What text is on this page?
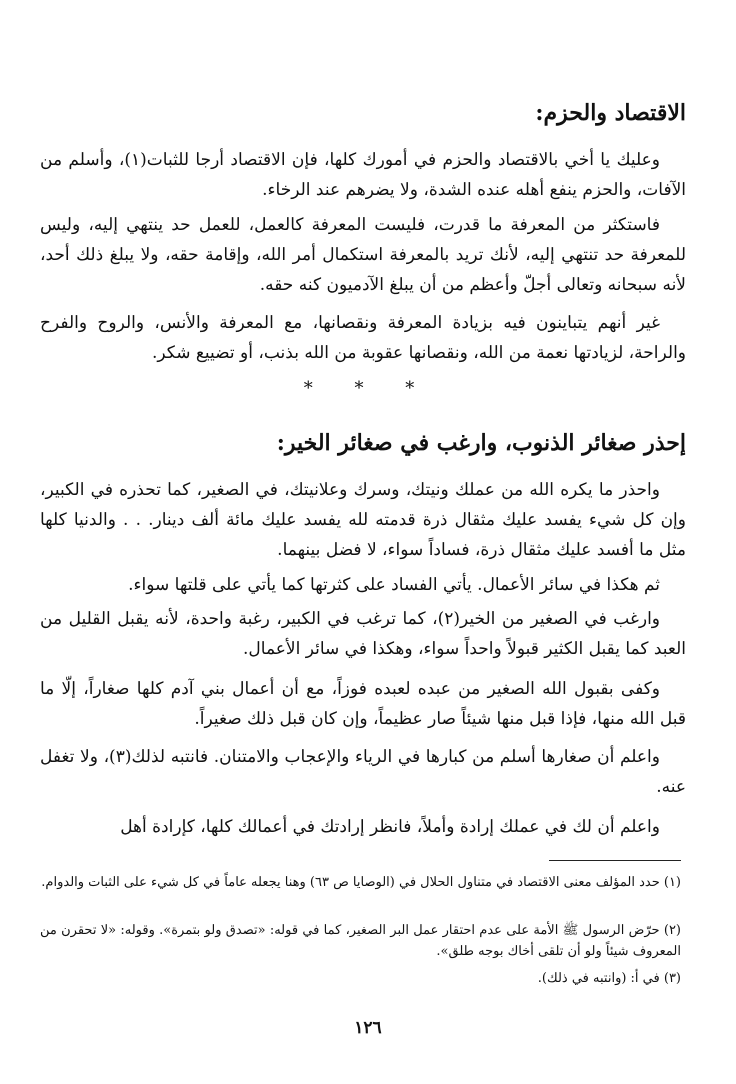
الاقتصاد والحزم:

وعليك يا أخي بالاقتصاد والحزم في أمورك كلها، فإن الاقتصاد أرجا للثبات(١)، وأسلم من الآفات، والحزم ينفع أهله عنده الشدة، ولا يضرهم عند الرخاء.

فاستكثر من المعرفة ما قدرت، فليست المعرفة كالعمل، للعمل حد ينتهي إليه، وليس للمعرفة حد تنتهي إليه، لأنك تريد بالمعرفة استكمال أمر الله، وإقامة حقه، ولا يبلغ ذلك أحد، لأنه سبحانه وتعالى أجلّ وأعظم من أن يبلغ الآدميون كنه حقه.

غير أنهم يتباينون فيه بزيادة المعرفة ونقصانها، مع المعرفة والأنس، والروح والفرح والراحة، لزيادتها نعمة من الله، ونقصانها عقوبة من الله بذنب، أو تضييع شكر.

* * *
إحذر صغائر الذنوب، وارغب في صغائر الخير:

واحذر ما يكره الله من عملك ونيتك، وسرك وعلانيتك، في الصغير، كما تحذره في الكبير، وإن كل شيء يفسد عليك مثقال ذرة قدمته لله يفسد عليك مائة ألف دينار. . . والدنيا كلها مثل ما أفسد عليك مثقال ذرة، فساداً سواء، لا فضل بينهما.

ثم هكذا في سائر الأعمال. يأتي الفساد على كثرتها كما يأتي على قلتها سواء.

وارغب في الصغير من الخير(٢)، كما ترغب في الكبير، رغبة واحدة، لأنه يقبل القليل من العبد كما يقبل الكثير قبولاً واحداً سواء، وهكذا في سائر الأعمال.

وكفى بقبول الله الصغير من عبده لعبده فوزاً، مع أن أعمال بني آدم كلها صغاراً، إلّا ما قبل الله منها، فإذا قبل منها شيئاً صار عظيماً، وإن كان قبل ذلك صغيراً.

واعلم أن صغارها أسلم من كبارها في الرياء والإعجاب والامتنان. فانتبه لذلك(٣)، ولا تغفل عنه.

واعلم أن لك في عملك إرادة وأملاً، فانظر إرادتك في أعمالك كلها، كإرادة أهل

(١) حدد المؤلف معنى الاقتصاد في متناول الحلال في (الوصايا ص ٦٣) وهنا يجعله عاماً في كل شيء على الثبات والدوام.

(٢) حرّض الرسول ﷺ الأمة على عدم احتقار عمل البر الصغير، كما في قوله: «تصدق ولو بتمرة». وقوله: «لا تحقرن من المعروف شيئاً ولو أن تلقى أخاك بوجه طلق».

(٣) في أ: (وانتبه في ذلك).

١٢٦
